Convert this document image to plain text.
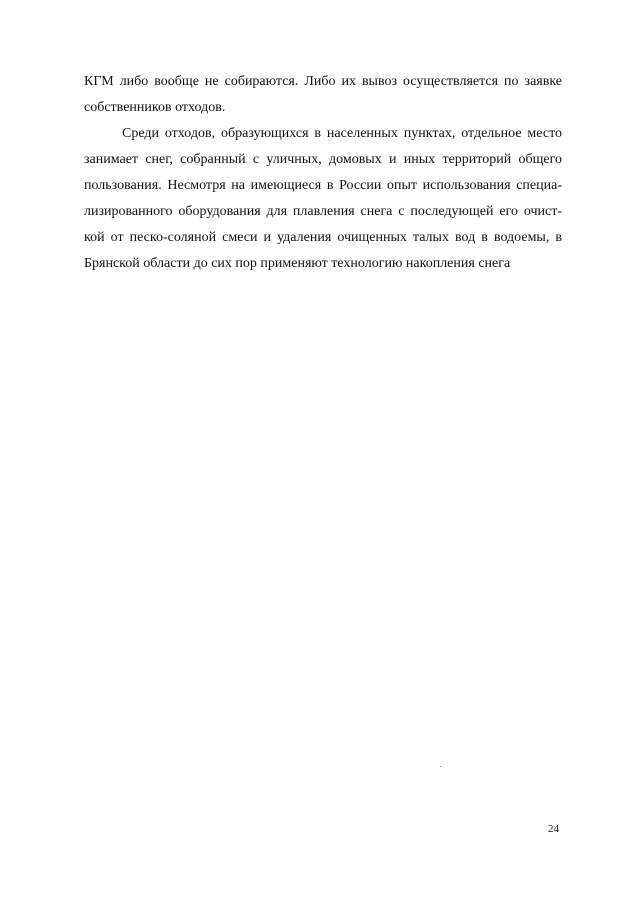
КГМ либо вообще не собираются. Либо их вывоз осуществляется по заявке
собственников отходов.
Среди отходов, образующихся в населенных пунктах, отдельное место
занимает снег, собранный с уличных, домовых и иных территорий общего
пользования. Несмотря на имеющиеся в России опыт использования специа-
лизированного оборудования для плавления снега с последующей его очист-
кой от песко-соляной смеси и удаления очищенных талых вод в водоемы, в
Брянской области до сих пор применяют технологию накопления снега
24
